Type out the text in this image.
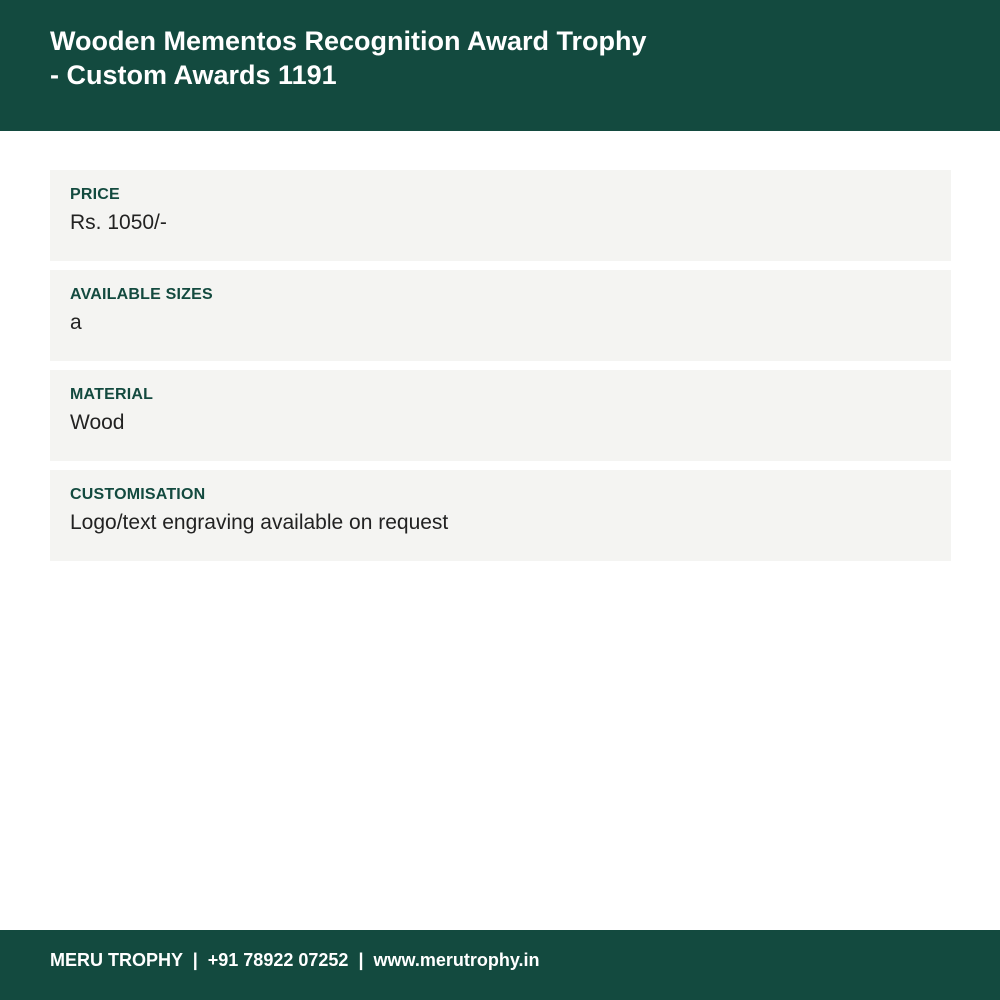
Wooden Mementos Recognition Award Trophy
- Custom Awards 1191
PRICE
Rs. 1050/-
AVAILABLE SIZES
a
MATERIAL
Wood
CUSTOMISATION
Logo/text engraving available on request
MERU TROPHY | +91 78922 07252 | www.merutrophy.in
